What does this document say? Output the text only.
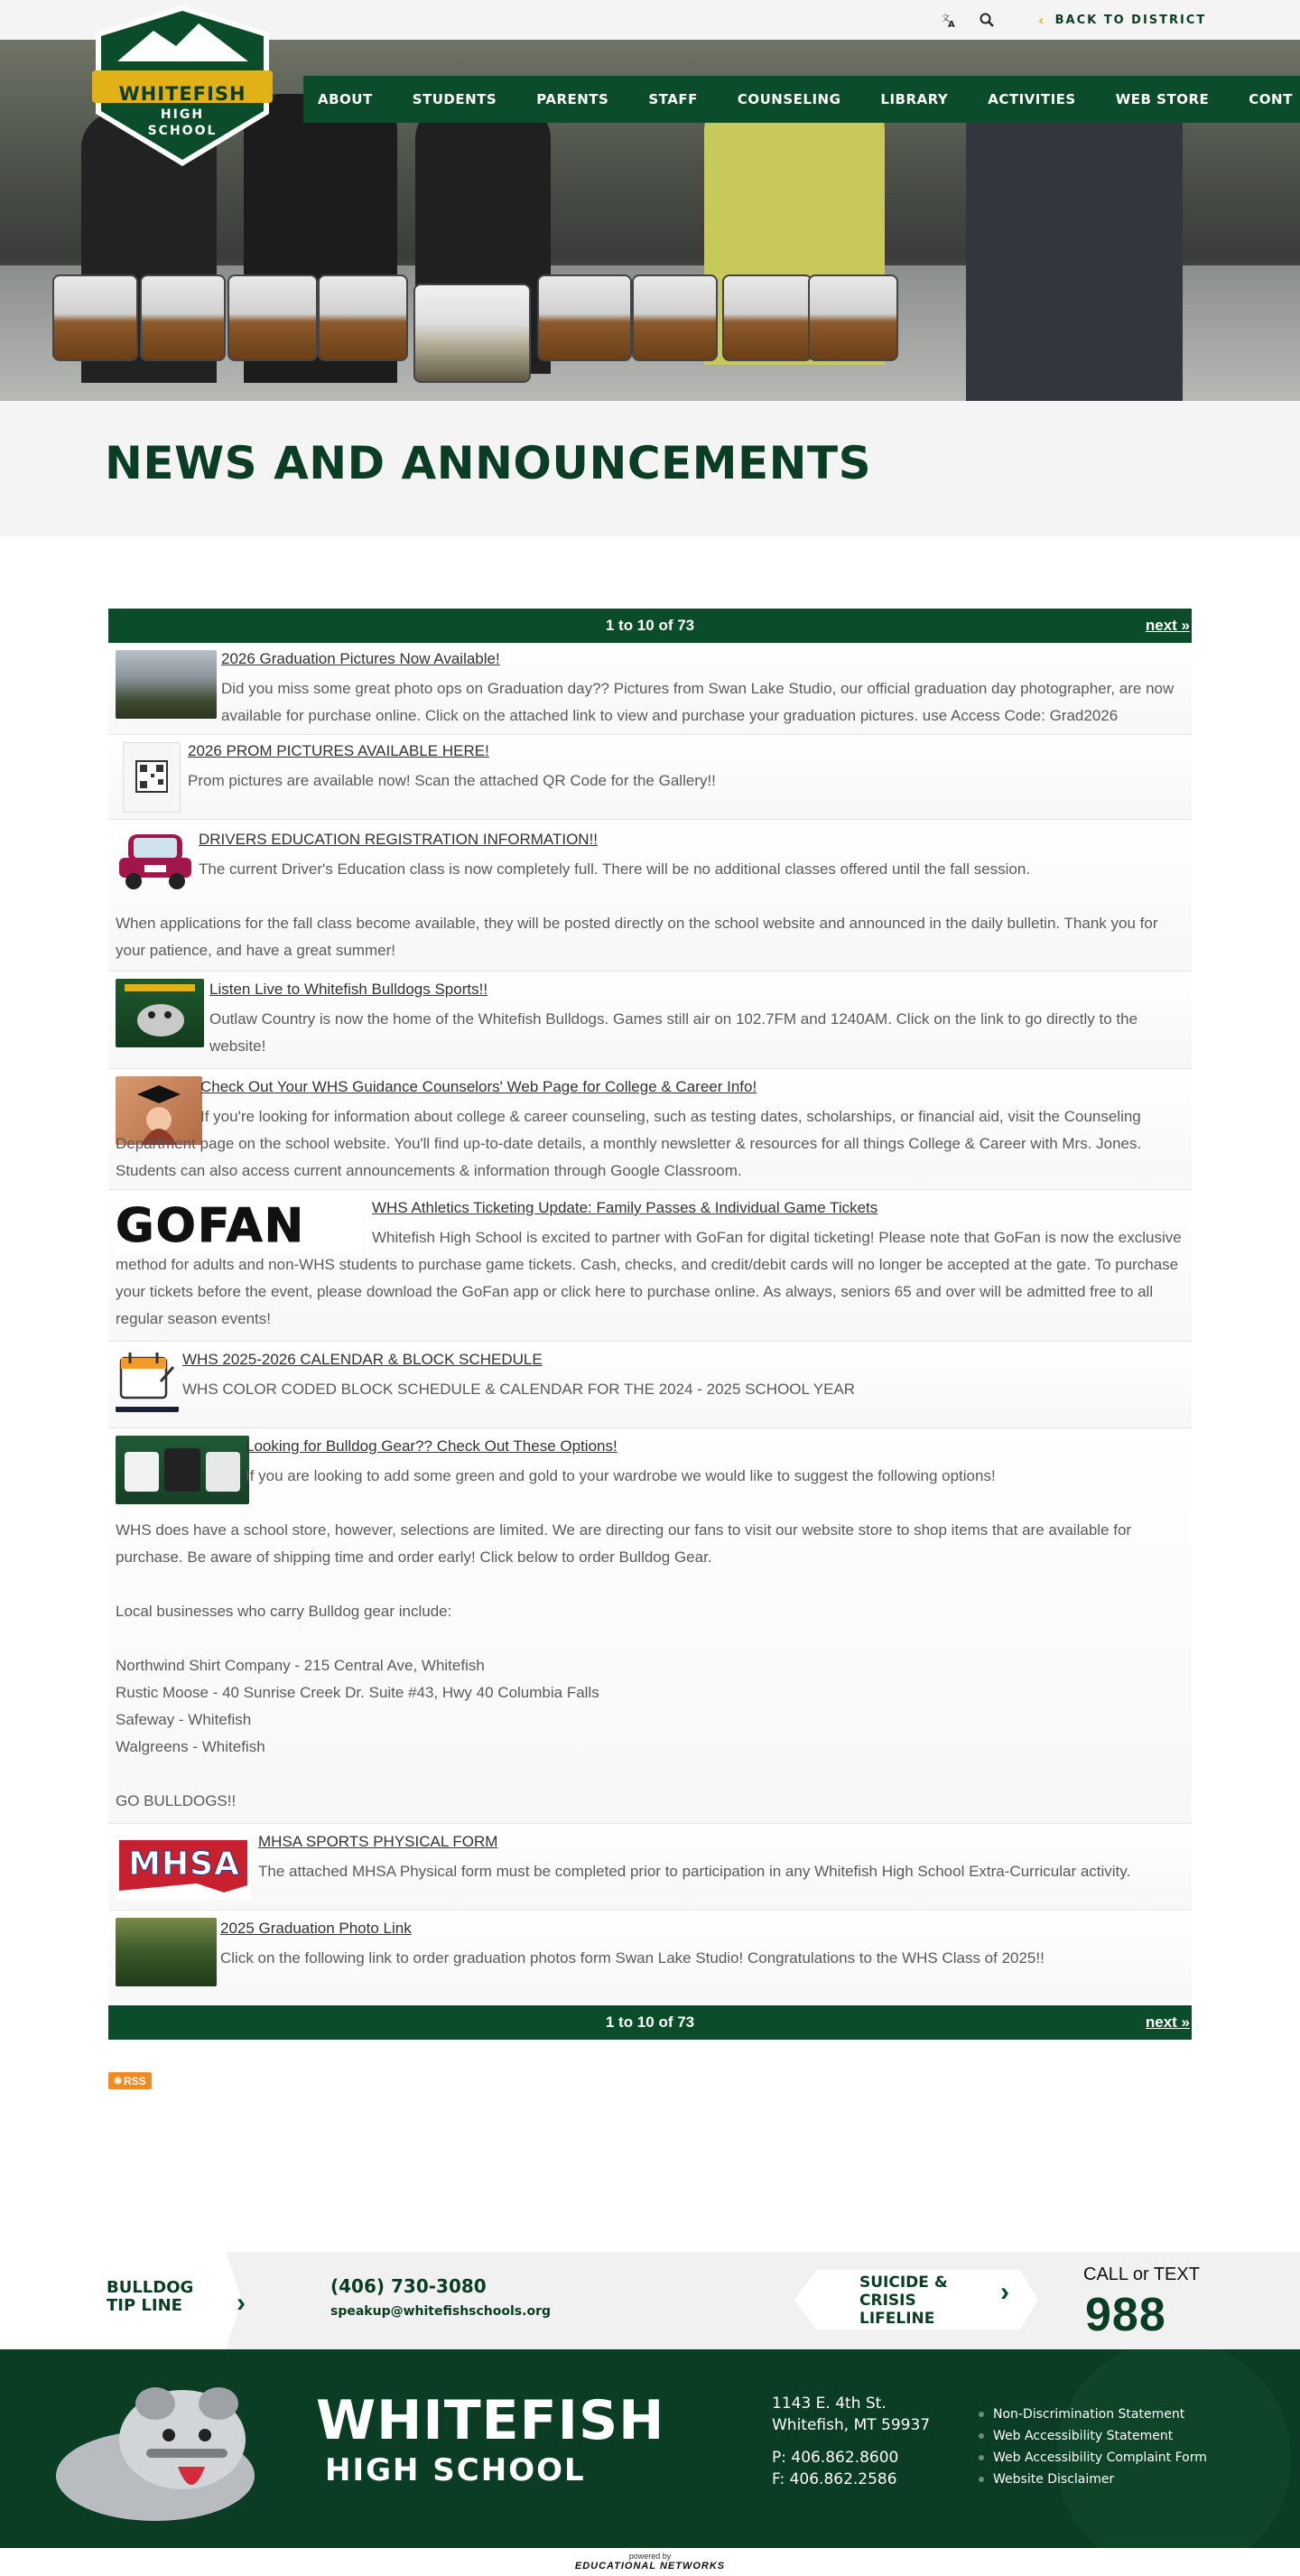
文
A	‹ BACK TO DISTRICT
WHITEFISH
HIGH
SCHOOL
ABOUT	STUDENTS	PARENTS	STAFF	COUNSELING	LIBRARY	ACTIVITIES	WEB STORE	CONT
NEWS AND ANNOUNCEMENTS
1 to 10 of 73	next »
2026 Graduation Pictures Now Available!
Did you miss some great photo ops on Graduation day?? Pictures from Swan Lake Studio, our official graduation day photographer, are now available for purchase online. Click on the attached link to view and purchase your graduation pictures. use Access Code: Grad2026
2026 PROM PICTURES AVAILABLE HERE!
Prom pictures are available now! Scan the attached QR Code for the Gallery!!
DRIVERS EDUCATION REGISTRATION INFORMATION!!
The current Driver's Education class is now completely full. There will be no additional classes offered until the fall session.
When applications for the fall class become available, they will be posted directly on the school website and announced in the daily bulletin. Thank you for your patience, and have a great summer!
Listen Live to Whitefish Bulldogs Sports!!
Outlaw Country is now the home of the Whitefish Bulldogs. Games still air on 102.7FM and 1240AM. Click on the link to go directly to the website!
Check Out Your WHS Guidance Counselors' Web Page for College & Career Info!
If you're looking for information about college & career counseling, such as testing dates, scholarships, or financial aid, visit the Counseling Department page on the school website. You'll find up-to-date details, a monthly newsletter & resources for all things College & Career with Mrs. Jones. Students can also access current announcements & information through Google Classroom.
GOFAN	WHS Athletics Ticketing Update: Family Passes & Individual Game Tickets
Whitefish High School is excited to partner with GoFan for digital ticketing! Please note that GoFan is now the exclusive method for adults and non-WHS students to purchase game tickets. Cash, checks, and credit/debit cards will no longer be accepted at the gate. To purchase your tickets before the event, please download the GoFan app or click here to purchase online. As always, seniors 65 and over will be admitted free to all regular season events!
WHS 2025-2026 CALENDAR & BLOCK SCHEDULE
WHS COLOR CODED BLOCK SCHEDULE & CALENDAR FOR THE 2024 - 2025 SCHOOL YEAR
Looking for Bulldog Gear?? Check Out These Options!
If you are looking to add some green and gold to your wardrobe we would like to suggest the following options!
WHS does have a school store, however, selections are limited. We are directing our fans to visit our website store to shop items that are available for purchase. Be aware of shipping time and order early! Click below to order Bulldog Gear.
Local businesses who carry Bulldog gear include:
Northwind Shirt Company - 215 Central Ave, Whitefish
Rustic Moose - 40 Sunrise Creek Dr. Suite #43, Hwy 40 Columbia Falls
Safeway - Whitefish
Walgreens - Whitefish
GO BULLDOGS!!
MHSA
MHSA SPORTS PHYSICAL FORM
The attached MHSA Physical form must be completed prior to participation in any Whitefish High School Extra-Curricular activity.
2025 Graduation Photo Link
Click on the following link to order graduation photos form Swan Lake Studio! Congratulations to the WHS Class of 2025!!
1 to 10 of 73	next »
◉ RSS
BULLDOG
TIP LINE	›
(406) 730-3080
speakup@whitefishschools.org
SUICIDE &
CRISIS
LIFELINE
›
CALL or TEXT
988
WHITEFISH
HIGH SCHOOL
1143 E. 4th St.
Whitefish, MT 59937
P: 406.862.8600
F: 406.862.2586
Non-Discrimination Statement
Web Accessibility Statement
Web Accessibility Complaint Form
Website Disclaimer
powered by
EDUCATIONAL NETWORKS
